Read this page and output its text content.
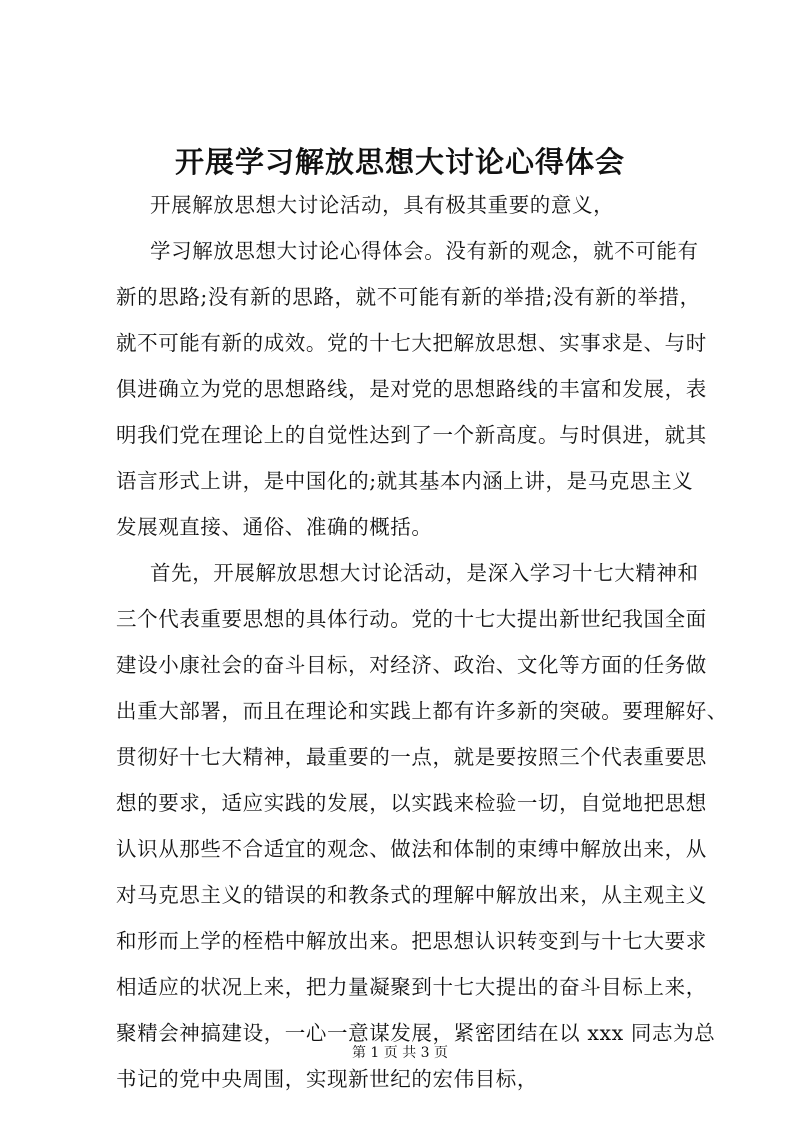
开展学习解放思想大讨论心得体会
开展解放思想大讨论活动，具有极其重要的意义，
学习解放思想大讨论心得体会。没有新的观念，就不可能有
新的思路;没有新的思路，就不可能有新的举措;没有新的举措，
就不可能有新的成效。党的十七大把解放思想、实事求是、与时
俱进确立为党的思想路线，是对党的思想路线的丰富和发展，表
明我们党在理论上的自觉性达到了一个新高度。与时俱进，就其
语言形式上讲，是中国化的;就其基本内涵上讲，是马克思主义
发展观直接、通俗、准确的概括。
首先，开展解放思想大讨论活动，是深入学习十七大精神和
三个代表重要思想的具体行动。党的十七大提出新世纪我国全面
建设小康社会的奋斗目标，对经济、政治、文化等方面的任务做
出重大部署，而且在理论和实践上都有许多新的突破。要理解好、
贯彻好十七大精神，最重要的一点，就是要按照三个代表重要思
想的要求，适应实践的发展，以实践来检验一切，自觉地把思想
认识从那些不合适宜的观念、做法和体制的束缚中解放出来，从
对马克思主义的错误的和教条式的理解中解放出来，从主观主义
和形而上学的桎梏中解放出来。把思想认识转变到与十七大要求
相适应的状况上来，把力量凝聚到十七大提出的奋斗目标上来，
聚精会神搞建设，一心一意谋发展，紧密团结在以 xxx 同志为总
书记的党中央周围，实现新世纪的宏伟目标，
第 1 页 共 3 页
